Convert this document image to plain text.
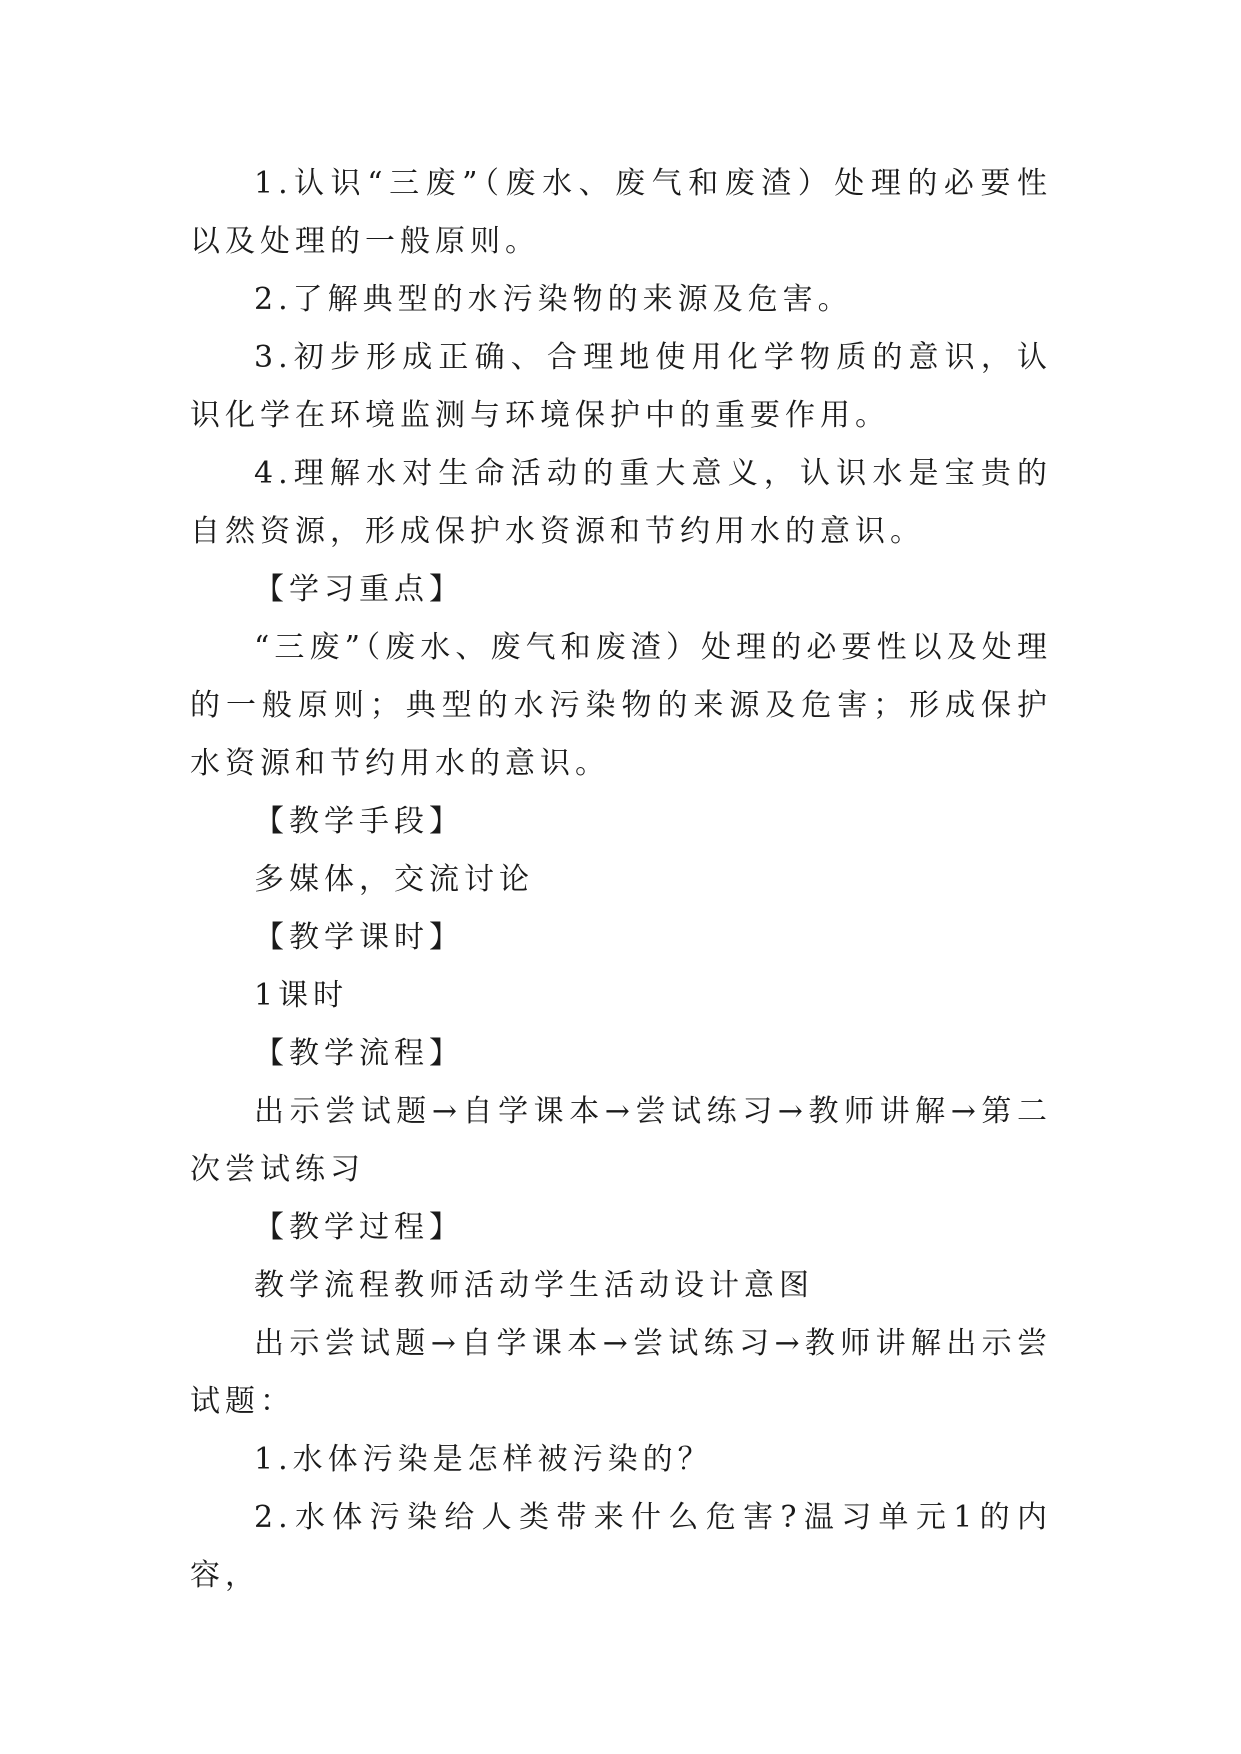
1.认识“三废”（废水、废气和废渣）处理的必要性以及处理的一般原则。

2.了解典型的水污染物的来源及危害。

3.初步形成正确、合理地使用化学物质的意识，认识化学在环境监测与环境保护中的重要作用。

4.理解水对生命活动的重大意义，认识水是宝贵的自然资源，形成保护水资源和节约用水的意识。

【学习重点】

“三废”（废水、废气和废渣）处理的必要性以及处理的一般原则；典型的水污染物的来源及危害；形成保护水资源和节约用水的意识。

【教学手段】

多媒体，交流讨论

【教学课时】

1课时

【教学流程】

出示尝试题→自学课本→尝试练习→教师讲解→第二次尝试练习

【教学过程】

教学流程教师活动学生活动设计意图

出示尝试题→自学课本→尝试练习→教师讲解出示尝试题：

1.水体污染是怎样被污染的？

2.水体污染给人类带来什么危害?温习单元1的内容，
